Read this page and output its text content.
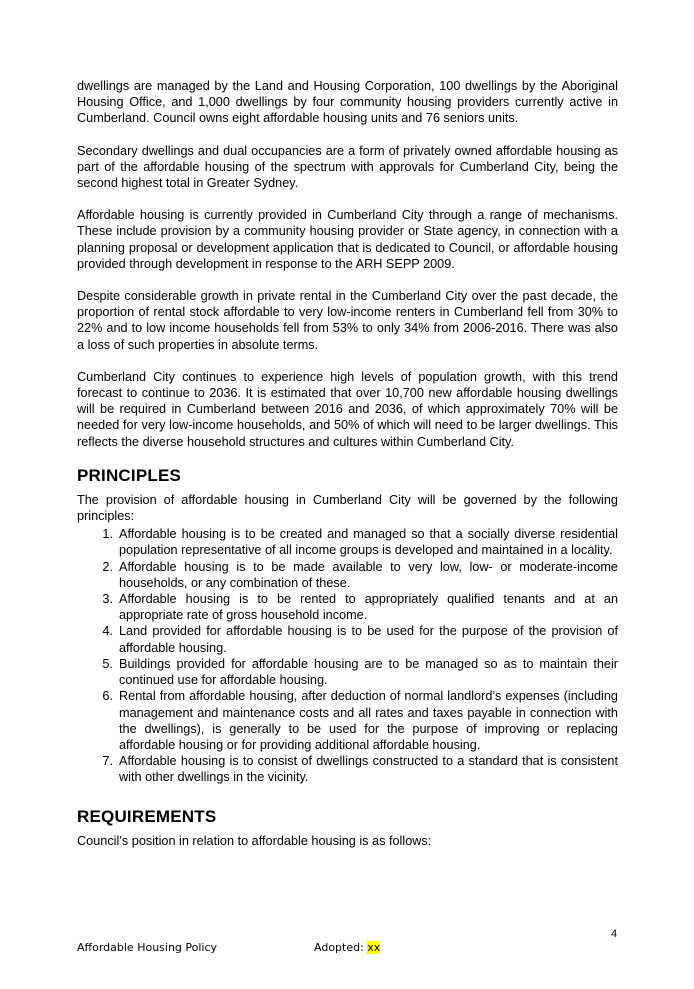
dwellings are managed by the Land and Housing Corporation, 100 dwellings by the Aboriginal Housing Office, and 1,000 dwellings by four community housing providers currently active in Cumberland. Council owns eight affordable housing units and 76 seniors units.

Secondary dwellings and dual occupancies are a form of privately owned affordable housing as part of the affordable housing of the spectrum with approvals for Cumberland City, being the second highest total in Greater Sydney.

Affordable housing is currently provided in Cumberland City through a range of mechanisms. These include provision by a community housing provider or State agency, in connection with a planning proposal or development application that is dedicated to Council, or affordable housing provided through development in response to the ARH SEPP 2009.

Despite considerable growth in private rental in the Cumberland City over the past decade, the proportion of rental stock affordable to very low-income renters in Cumberland fell from 30% to 22% and to low income households fell from 53% to only 34% from 2006-2016. There was also a loss of such properties in absolute terms.

Cumberland City continues to experience high levels of population growth, with this trend forecast to continue to 2036. It is estimated that over 10,700 new affordable housing dwellings will be required in Cumberland between 2016 and 2036, of which approximately 70% will be needed for very low-income households, and 50% of which will need to be larger dwellings. This reflects the diverse household structures and cultures within Cumberland City.

PRINCIPLES

The provision of affordable housing in Cumberland City will be governed by the following principles:

1. Affordable housing is to be created and managed so that a socially diverse residential population representative of all income groups is developed and maintained in a locality.
2. Affordable housing is to be made available to very low, low- or moderate-income households, or any combination of these.
3. Affordable housing is to be rented to appropriately qualified tenants and at an appropriate rate of gross household income.
4. Land provided for affordable housing is to be used for the purpose of the provision of affordable housing.
5. Buildings provided for affordable housing are to be managed so as to maintain their continued use for affordable housing.
6. Rental from affordable housing, after deduction of normal landlord’s expenses (including management and maintenance costs and all rates and taxes payable in connection with the dwellings), is generally to be used for the purpose of improving or replacing affordable housing or for providing additional affordable housing.
7. Affordable housing is to consist of dwellings constructed to a standard that is consistent with other dwellings in the vicinity.
REQUIREMENTS

Council’s position in relation to affordable housing is as follows:

4
Affordable Housing Policy	Adopted: xx
